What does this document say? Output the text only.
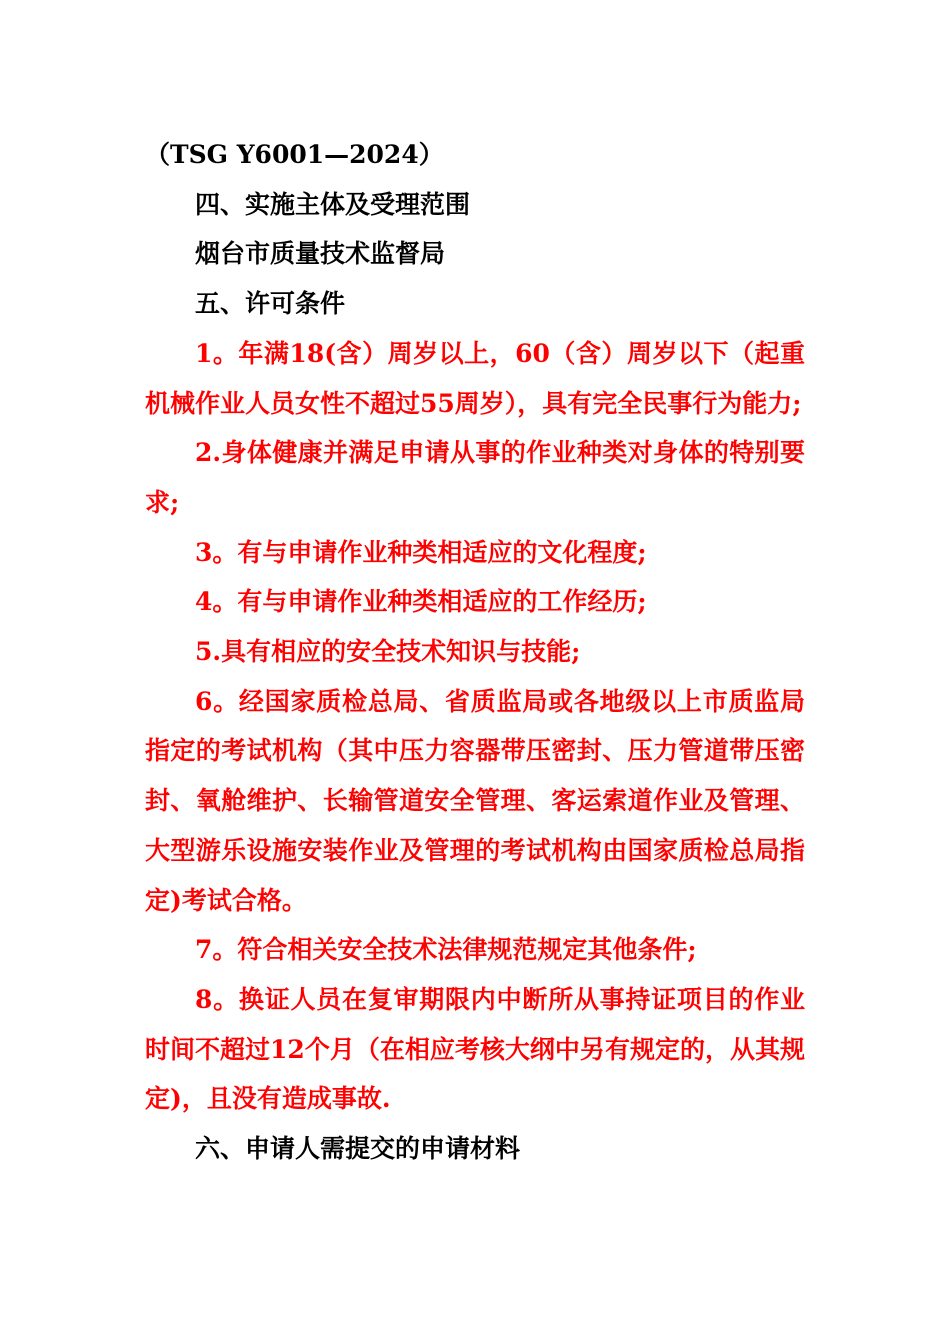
（TSG Y6001—2024）

四、实施主体及受理范围

烟台市质量技术监督局

五、许可条件

1。年满18(含）周岁以上，60（含）周岁以下（起重机械作业人员女性不超过55周岁），具有完全民事行为能力;

2.身体健康并满足申请从事的作业种类对身体的特别要求;

3。有与申请作业种类相适应的文化程度;

4。有与申请作业种类相适应的工作经历;

5.具有相应的安全技术知识与技能;

6。经国家质检总局、省质监局或各地级以上市质监局指定的考试机构（其中压力容器带压密封、压力管道带压密封、氧舱维护、长输管道安全管理、客运索道作业及管理、大型游乐设施安装作业及管理的考试机构由国家质检总局指定)考试合格。

7。符合相关安全技术法律规范规定其他条件;

8。换证人员在复审期限内中断所从事持证项目的作业时间不超过12个月（在相应考核大纲中另有规定的，从其规定)，且没有造成事故.

六、申请人需提交的申请材料
